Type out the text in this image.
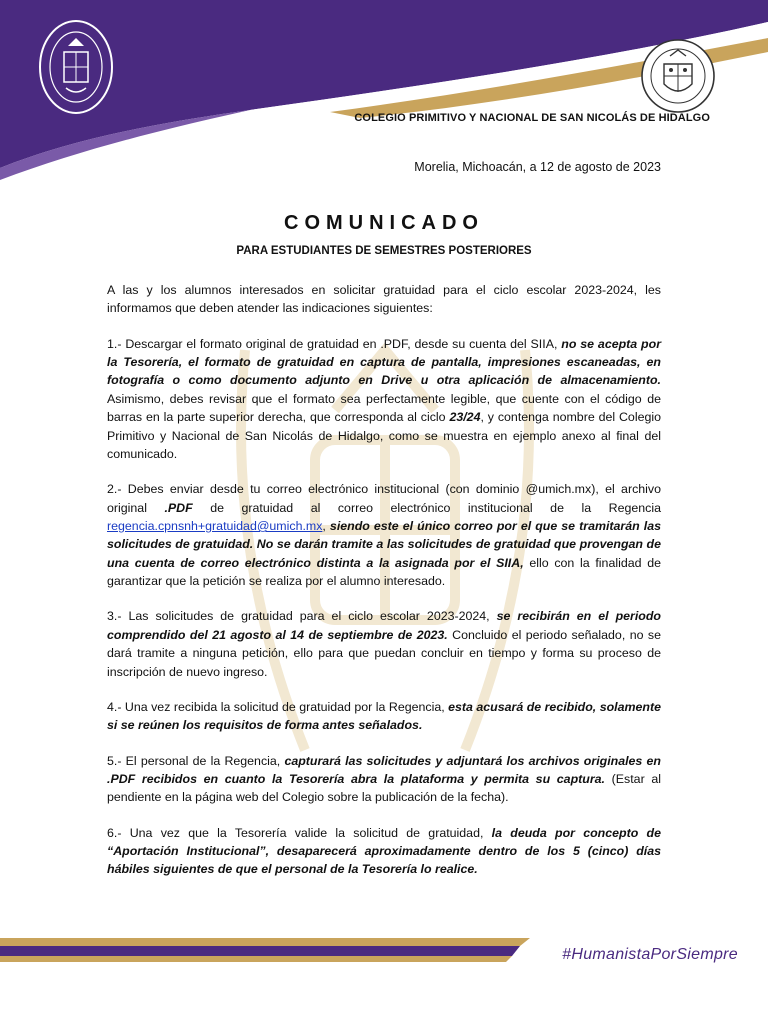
COLEGIO PRIMITIVO Y NACIONAL DE SAN NICOLÁS DE HIDALGO
Morelia, Michoacán, a 12 de agosto de 2023
COMUNICADO
PARA ESTUDIANTES DE SEMESTRES POSTERIORES

A las y los alumnos interesados en solicitar gratuidad para el ciclo escolar 2023-2024, les informamos que deben atender las indicaciones siguientes:

1.- Descargar el formato original de gratuidad en .PDF, desde su cuenta del SIIA, no se acepta por la Tesorería, el formato de gratuidad en captura de pantalla, impresiones escaneadas, en fotografía o como documento adjunto en Drive u otra aplicación de almacenamiento. Asimismo, debes revisar que el formato sea perfectamente legible, que cuente con el código de barras en la parte superior derecha, que corresponda al ciclo 23/24, y contenga nombre del Colegio Primitivo y Nacional de San Nicolás de Hidalgo, como se muestra en ejemplo anexo al final del comunicado.

2.- Debes enviar desde tu correo electrónico institucional (con dominio @umich.mx), el archivo original .PDF de gratuidad al correo electrónico institucional de la Regencia regencia.cpnsnh+gratuidad@umich.mx, siendo este el único correo por el que se tramitarán las solicitudes de gratuidad. No se darán tramite a las solicitudes de gratuidad que provengan de una cuenta de correo electrónico distinta a la asignada por el SIIA, ello con la finalidad de garantizar que la petición se realiza por el alumno interesado.

3.- Las solicitudes de gratuidad para el ciclo escolar 2023-2024, se recibirán en el periodo comprendido del 21 agosto al 14 de septiembre de 2023. Concluido el periodo señalado, no se dará tramite a ninguna petición, ello para que puedan concluir en tiempo y forma su proceso de inscripción de nuevo ingreso.

4.- Una vez recibida la solicitud de gratuidad por la Regencia, esta acusará de recibido, solamente si se reúnen los requisitos de forma antes señalados.

5.- El personal de la Regencia, capturará las solicitudes y adjuntará los archivos originales en .PDF recibidos en cuanto la Tesorería abra la plataforma y permita su captura. (Estar al pendiente en la página web del Colegio sobre la publicación de la fecha).

6.- Una vez que la Tesorería valide la solicitud de gratuidad, la deuda por concepto de “Aportación Institucional”, desaparecerá aproximadamente dentro de los 5 (cinco) días hábiles siguientes de que el personal de la Tesorería lo realice.

#HumanistaPorSiempre
